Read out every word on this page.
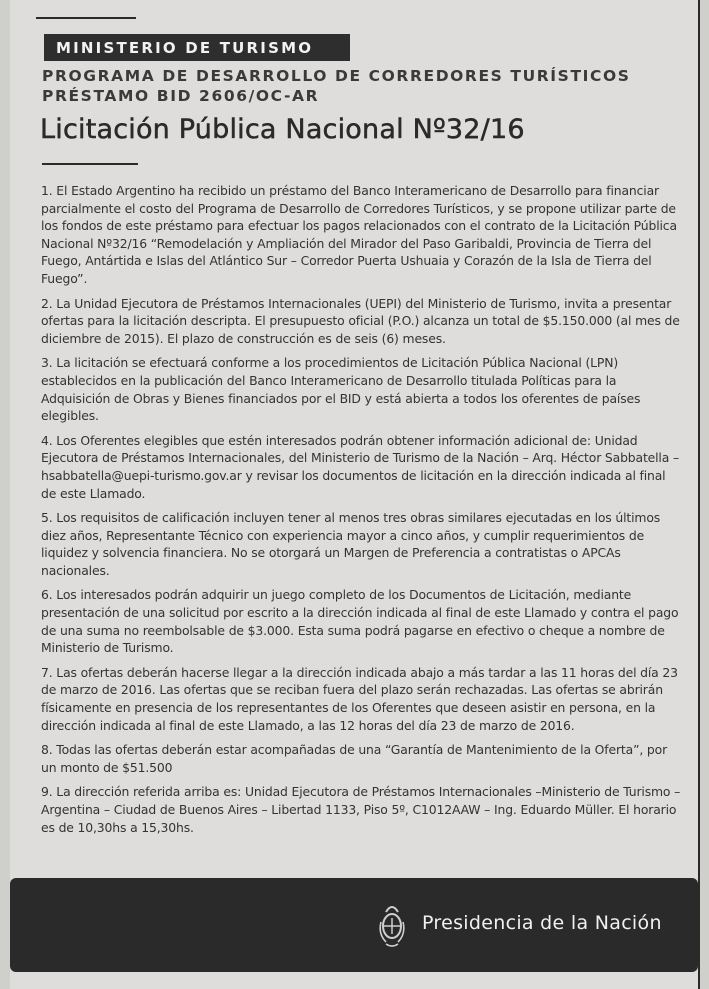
MINISTERIO DE TURISMO
PROGRAMA DE DESARROLLO DE CORREDORES TURÍSTICOS
PRÉSTAMO BID 2606/OC-AR
Licitación Pública Nacional Nº32/16

1. El Estado Argentino ha recibido un préstamo del Banco Interamericano de Desarrollo para financiar parcialmente el costo del Programa de Desarrollo de Corredores Turísticos, y se propone utilizar parte de los fondos de este préstamo para efectuar los pagos relacionados con el contrato de la Licitación Pública Nacional Nº32/16 “Remodelación y Ampliación del Mirador del Paso Garibaldi, Provincia de Tierra del Fuego, Antártida e Islas del Atlántico Sur – Corredor Puerta Ushuaia y Corazón de la Isla de Tierra del Fuego”.

2. La Unidad Ejecutora de Préstamos Internacionales (UEPI) del Ministerio de Turismo, invita a presentar ofertas para la licitación descripta. El presupuesto oficial (P.O.) alcanza un total de $5.150.000 (al mes de diciembre de 2015). El plazo de construcción es de seis (6) meses.

3. La licitación se efectuará conforme a los procedimientos de Licitación Pública Nacional (LPN) establecidos en la publicación del Banco Interamericano de Desarrollo titulada Políticas para la Adquisición de Obras y Bienes financiados por el BID y está abierta a todos los oferentes de países elegibles.

4. Los Oferentes elegibles que estén interesados podrán obtener información adicional de: Unidad Ejecutora de Préstamos Internacionales, del Ministerio de Turismo de la Nación – Arq. Héctor Sabbatella – hsabbatella@uepi-turismo.gov.ar y revisar los documentos de licitación en la dirección indicada al final de este Llamado.

5. Los requisitos de calificación incluyen tener al menos tres obras similares ejecutadas en los últimos diez años, Representante Técnico con experiencia mayor a cinco años, y cumplir requerimientos de liquidez y solvencia financiera. No se otorgará un Margen de Preferencia a contratistas o APCAs nacionales.

6. Los interesados podrán adquirir un juego completo de los Documentos de Licitación, mediante presentación de una solicitud por escrito a la dirección indicada al final de este Llamado y contra el pago de una suma no reembolsable de $3.000. Esta suma podrá pagarse en efectivo o cheque a nombre de Ministerio de Turismo.

7. Las ofertas deberán hacerse llegar a la dirección indicada abajo a más tardar a las 11 horas del día 23 de marzo de 2016. Las ofertas que se reciban fuera del plazo serán rechazadas. Las ofertas se abrirán físicamente en presencia de los representantes de los Oferentes que deseen asistir en persona, en la dirección indicada al final de este Llamado, a las 12 horas del día 23 de marzo de 2016.

8. Todas las ofertas deberán estar acompañadas de una “Garantía de Mantenimiento de la Oferta”, por un monto de $51.500

9. La dirección referida arriba es: Unidad Ejecutora de Préstamos Internacionales –Ministerio de Turismo – Argentina – Ciudad de Buenos Aires – Libertad 1133, Piso 5º, C1012AAW – Ing. Eduardo Müller. El horario es de 10,30hs a 15,30hs.

Presidencia de la Nación
